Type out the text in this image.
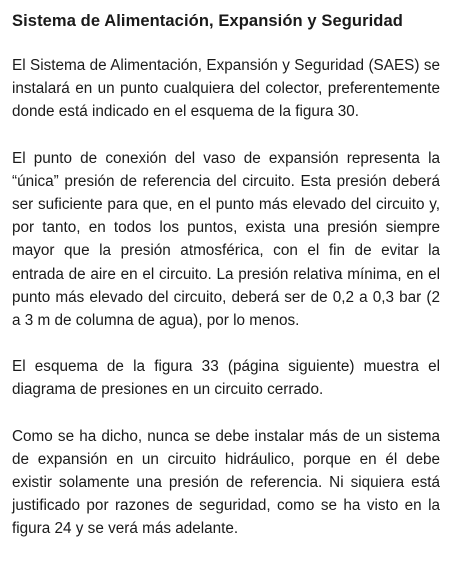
Sistema de Alimentación, Expansión y Seguridad

El Sistema de Alimentación, Expansión y Seguridad (SAES) se instalará en un punto cualquiera del colector, preferentemente donde está indicado en el esquema de la figura 30.

El punto de conexión del vaso de expansión representa la “única” presión de referencia del circuito. Esta presión deberá ser suficiente para que, en el punto más elevado del circuito y, por tanto, en todos los puntos, exista una presión siempre mayor que la presión atmosférica, con el fin de evitar la entrada de aire en el circuito. La presión relativa mínima, en el punto más elevado del circuito, deberá ser de 0,2 a 0,3 bar (2 a 3 m de columna de agua), por lo menos.

El esquema de la figura 33 (página siguiente) muestra el diagrama de presiones en un circuito cerrado.

Como se ha dicho, nunca se debe instalar más de un sistema de expansión en un circuito hidráulico, porque en él debe existir solamente una presión de referencia. Ni siquiera está justificado por razones de seguridad, como se ha visto en la figura 24 y se verá más adelante.
